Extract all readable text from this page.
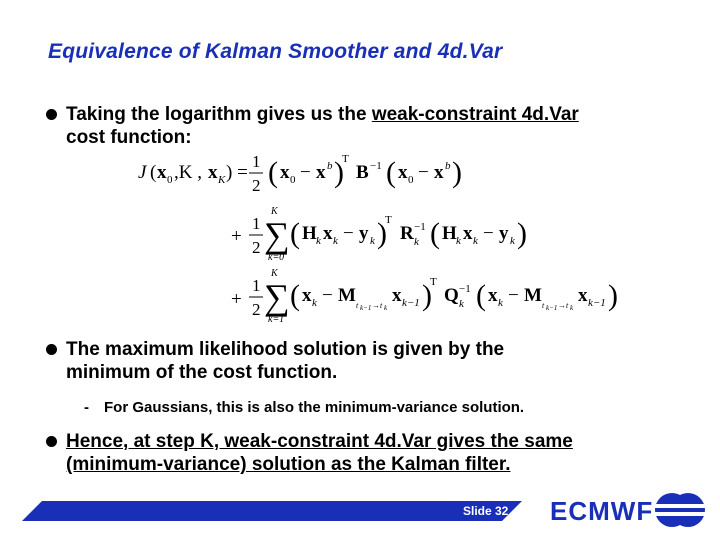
Equivalence of Kalman Smoother and 4d.Var
Taking the logarithm gives us the weak-constraint 4d.Var
cost function:
J ( x 0 ,K , x K ) =
1
2 ( x 0 − x b )
T
B −1 ( x 0 − x b )
+
1
2
K
∑
k=0
( H k x k − y k )
T
R −1
k ( H k x k − y k )
+
1
2
K
∑
k=1
( x k − M t k−1 → t k
x k−1 )
T
Q −1
k ( x k − M t k−1 → t k
x k−1 )
The maximum likelihood solution is given by the
minimum of the cost function.
- For Gaussians, this is also the minimum-variance solution.
Hence, at step K, weak-constraint 4d.Var gives the same
(minimum-variance) solution as the Kalman filter.
Slide 32 ECMWF
